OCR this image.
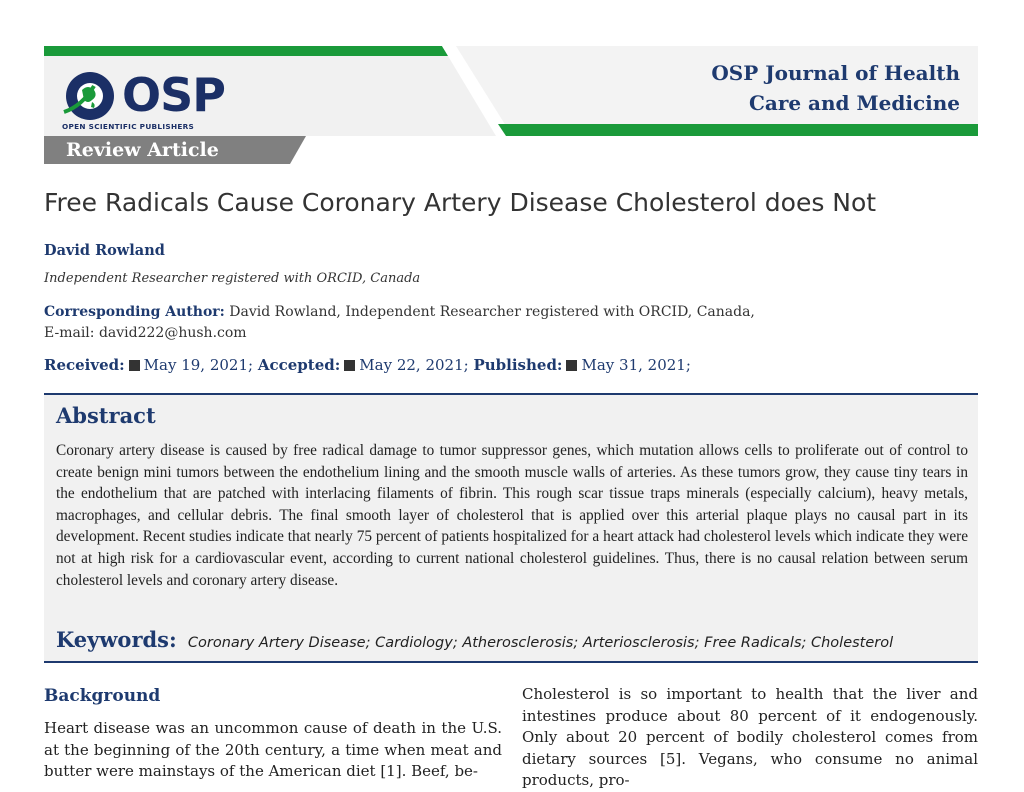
OSP
OPEN SCIENTIFIC PUBLISHERS
OSP Journal of Health
Care and Medicine
Review Article
Free Radicals Cause Coronary Artery Disease Cholesterol does Not
David Rowland
Independent Researcher registered with ORCID, Canada
Corresponding Author: David Rowland, Independent Researcher registered with ORCID, Canada,
E-mail: david222@hush.com
Received: May 19, 2021; Accepted: May 22, 2021; Published: May 31, 2021;
Abstract

Coronary artery disease is caused by free radical damage to tumor suppressor genes, which mutation allows cells to proliferate out of control to create benign mini tumors between the endothelium lining and the smooth muscle walls of arteries. As these tumors grow, they cause tiny tears in the endothelium that are patched with interlacing filaments of fibrin. This rough scar tissue traps minerals (especially calcium), heavy metals, macrophages, and cellular debris. The final smooth layer of cholesterol that is applied over this arterial plaque plays no causal part in its development. Recent studies indicate that nearly 75 percent of patients hospitalized for a heart attack had cholesterol levels which indicate they were not at high risk for a cardiovascular event, according to current national cholesterol guidelines. Thus, there is no causal relation between serum cholesterol levels and coronary artery disease.

Keywords: Coronary Artery Disease; Cardiology; Atherosclerosis; Arteriosclerosis; Free Radicals; Cholesterol
Background

Heart disease was an uncommon cause of death in the U.S. at the beginning of the 20th century, a time when meat and butter were mainstays of the American diet [1]. Beef, be-

Cholesterol is so important to health that the liver and intestines produce about 80 percent of it endogenously. Only about 20 percent of bodily cholesterol comes from dietary sources [5]. Vegans, who consume no animal products, pro-
